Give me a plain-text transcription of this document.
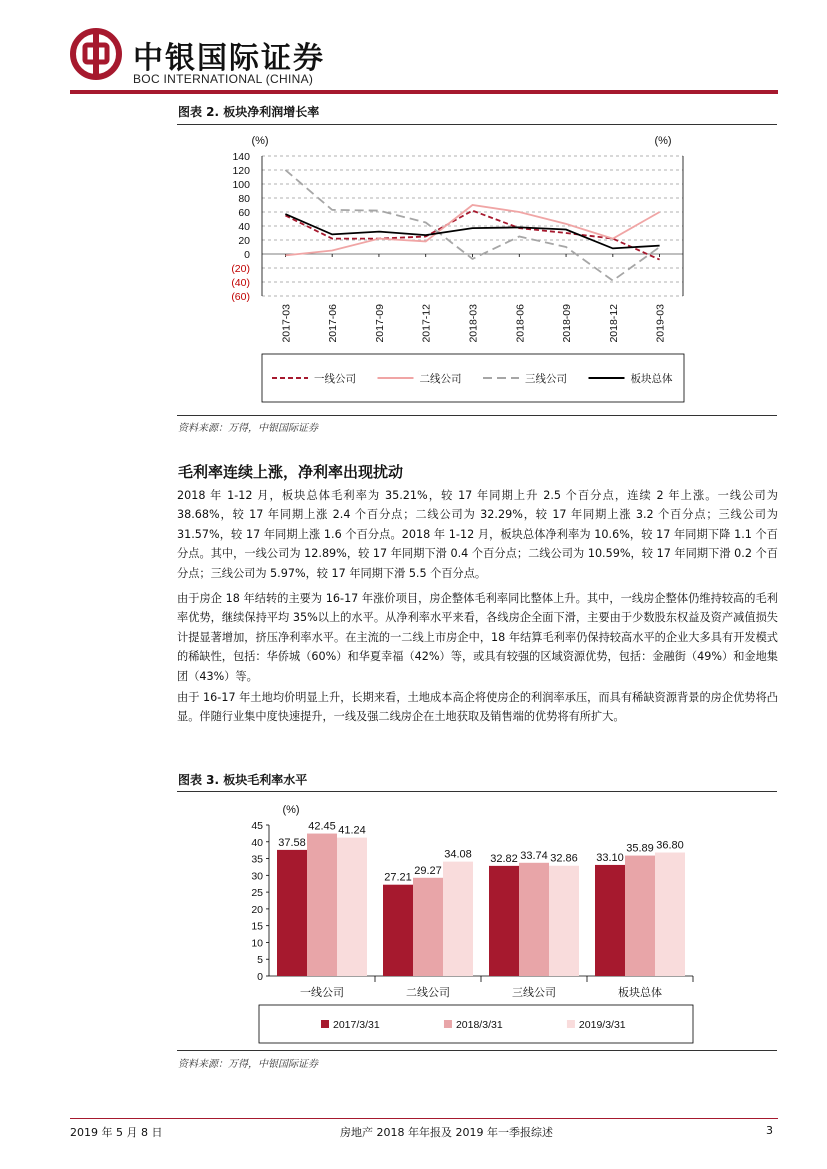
中银国际证券
BOC INTERNATIONAL (CHINA)
图表 2. 板块净利润增长率
(%)	(%)
140
120
100
80
60
40
20
0
(20)
(40)
(60)
2017-03	2017-06	2017-09	2017-12	2018-03	2018-06	2018-09	2018-12	2019-03
一线公司	二线公司	三线公司	板块总体
资料来源：万得，中银国际证券
毛利率连续上涨，净利率出现扰动
2018 年 1-12 月，板块总体毛利率为 35.21%，较 17 年同期上升 2.5 个百分点，连续 2 年上涨。一线公司为 38.68%，较 17 年同期上涨 2.4 个百分点；二线公司为 32.29%，较 17 年同期上涨 3.2 个百分点；三线公司为 31.57%，较 17 年同期上涨 1.6 个百分点。2018 年 1-12 月，板块总体净利率为 10.6%，较 17 年同期下降 1.1 个百分点。其中，一线公司为 12.89%，较 17 年同期下滑 0.4 个百分点；二线公司为 10.59%，较 17 年同期下滑 0.2 个百分点；三线公司为 5.97%，较 17 年同期下滑 5.5 个百分点。
由于房企 18 年结转的主要为 16-17 年涨价项目，房企整体毛利率同比整体上升。其中，一线房企整体仍维持较高的毛利率优势，继续保持平均 35%以上的水平。从净利率水平来看，各线房企全面下滑，主要由于少数股东权益及资产减值损失计提显著增加，挤压净利率水平。在主流的一二线上市房企中，18 年结算毛利率仍保持较高水平的企业大多具有开发模式的稀缺性，包括：华侨城（60%）和华夏幸福（42%）等，或具有较强的区域资源优势，包括：金融街（49%）和金地集团（43%）等。
由于 16-17 年土地均价明显上升，长期来看，土地成本高企将使房企的利润率承压，而具有稀缺资源背景的房企优势将凸显。伴随行业集中度快速提升，一线及强二线房企在土地获取及销售端的优势将有所扩大。
图表 3. 板块毛利率水平
(%)
45
40
35
30
25
20
15
10
5
0
一线公司
37.58
42.45 41.24
二线公司
27.21
29.27
34.08
三线公司
32.82 33.74 32.86
板块总体
33.10
35.89 36.80
2017/3/31	2018/3/31	2019/3/31
资料来源：万得，中银国际证券
2019 年 5 月 8 日	房地产 2018 年年报及 2019 年一季报综述	3
